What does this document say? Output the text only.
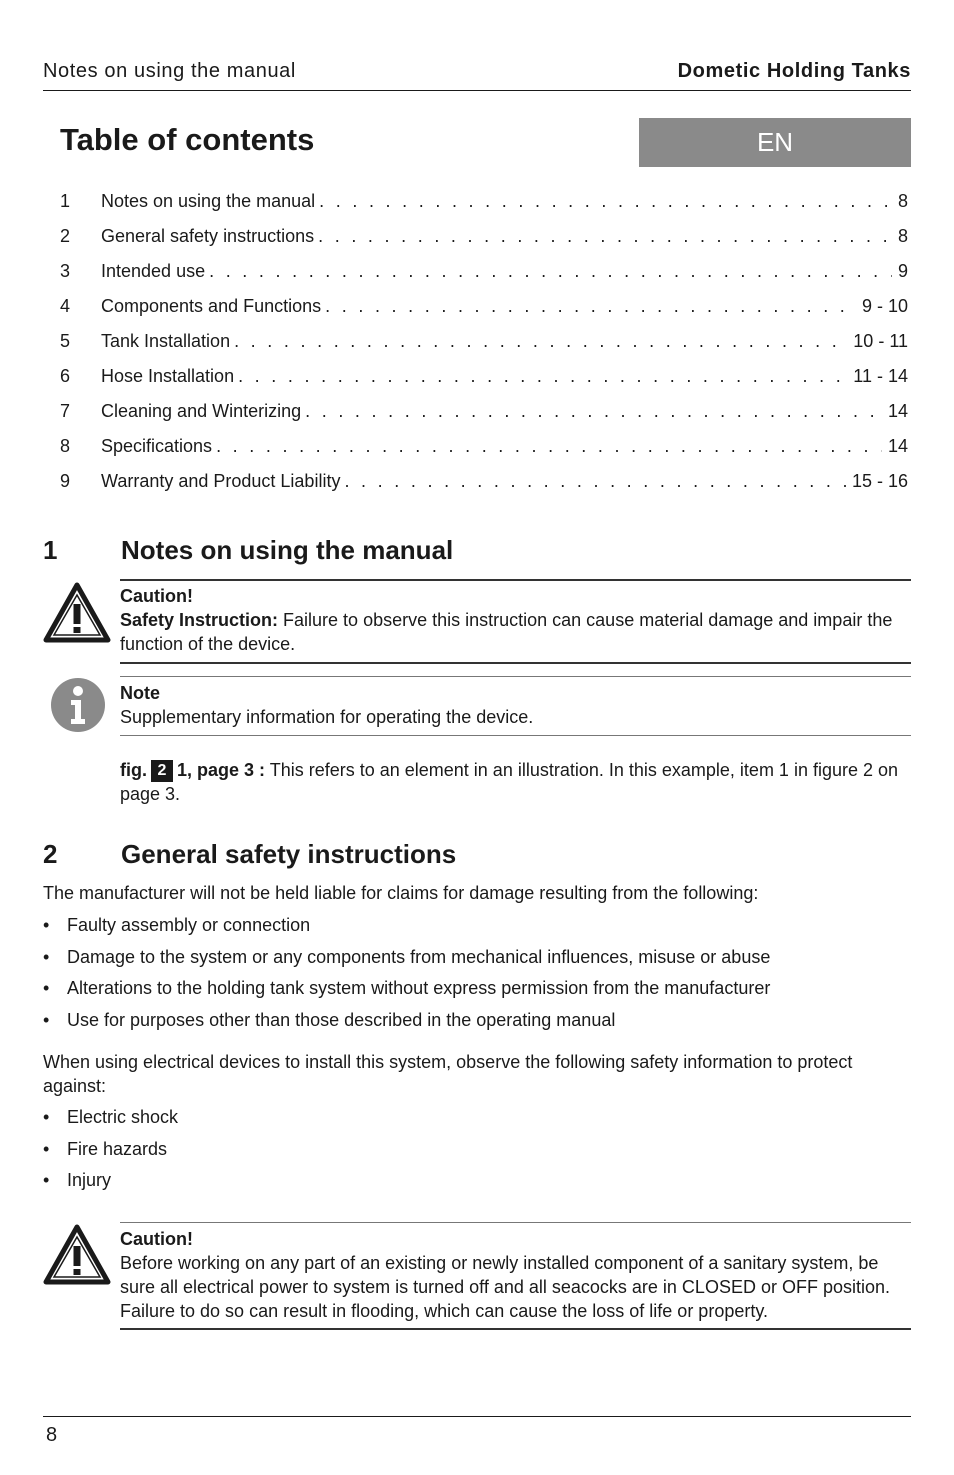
Notes on using the manual	Dometic Holding Tanks
Table of contents	EN
1	Notes on using the manual . . .	8
2	General safety instructions . . .	8
3	Intended use . . .	9
4	Components and Functions . . .	9 - 10
5	Tank Installation . . .	10 - 11
6	Hose Installation . . .	11 - 14
7	Cleaning and Winterizing . . .	14
8	Specifications . . .	14
9	Warranty and Product Liability . . .	15 - 16
1 Notes on using the manual
Caution!
Safety Instruction: Failure to observe this instruction can cause material damage and impair the function of the device.
Note
Supplementary information for operating the device.
fig. 2 1, page 3 : This refers to an element in an illustration. In this example, item 1 in figure 2 on page 3.
2 General safety instructions
The manufacturer will not be held liable for claims for damage resulting from the following:
• Faulty assembly or connection
• Damage to the system or any components from mechanical influences, misuse or abuse
• Alterations to the holding tank system without express permission from the manufacturer
• Use for purposes other than those described in the operating manual
When using electrical devices to install this system, observe the following safety information to protect against:
• Electric shock
• Fire hazards
• Injury
Caution!
Before working on any part of an existing or newly installed component of a sanitary system, be sure all electrical power to system is turned off and all seacocks are in CLOSED or OFF position. Failure to do so can result in flooding, which can cause the loss of life or property.
8
